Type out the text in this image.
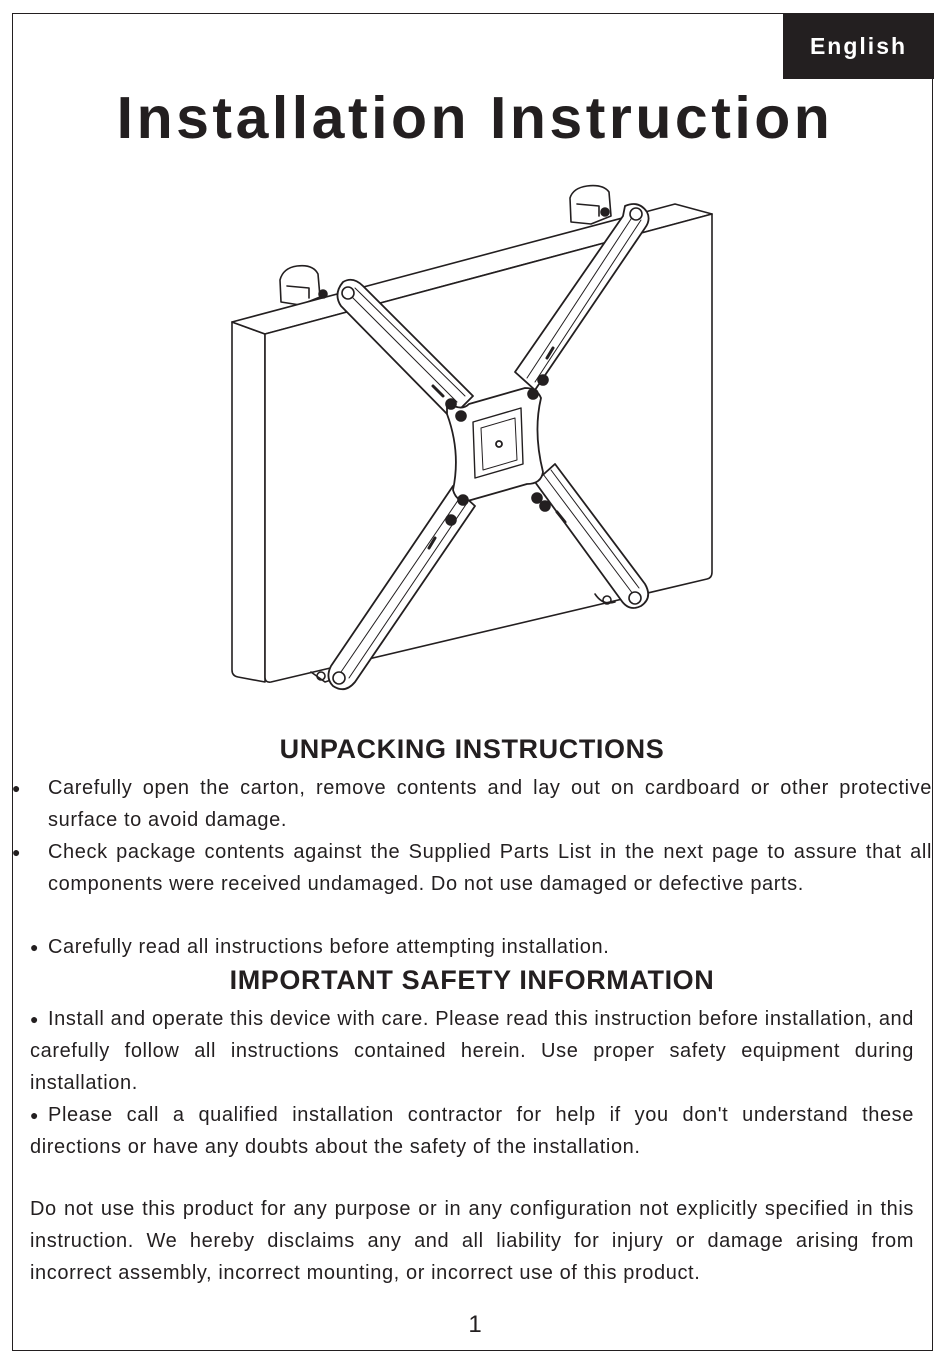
English
Installation Instruction
UNPACKING INSTRUCTIONS
● Carefully open the carton, remove contents and lay out on cardboard or other protective surface to avoid damage.
● Check package contents against the Supplied Parts List in the next page to assure that all components were received undamaged. Do not use damaged or defective parts.
● Carefully read all instructions before attempting installation.
IMPORTANT SAFETY INFORMATION
● Install and operate this device with care. Please read this instruction before installation, and carefully follow all instructions contained herein. Use proper safety equipment during installation.
● Please call a qualified installation contractor for help if you don't understand these directions or have any doubts about the safety of the installation.

Do not use this product for any purpose or in any configuration not explicitly specified in this instruction. We hereby disclaims any and all liability for injury or damage arising from incorrect assembly, incorrect mounting, or incorrect use of this product.

1
